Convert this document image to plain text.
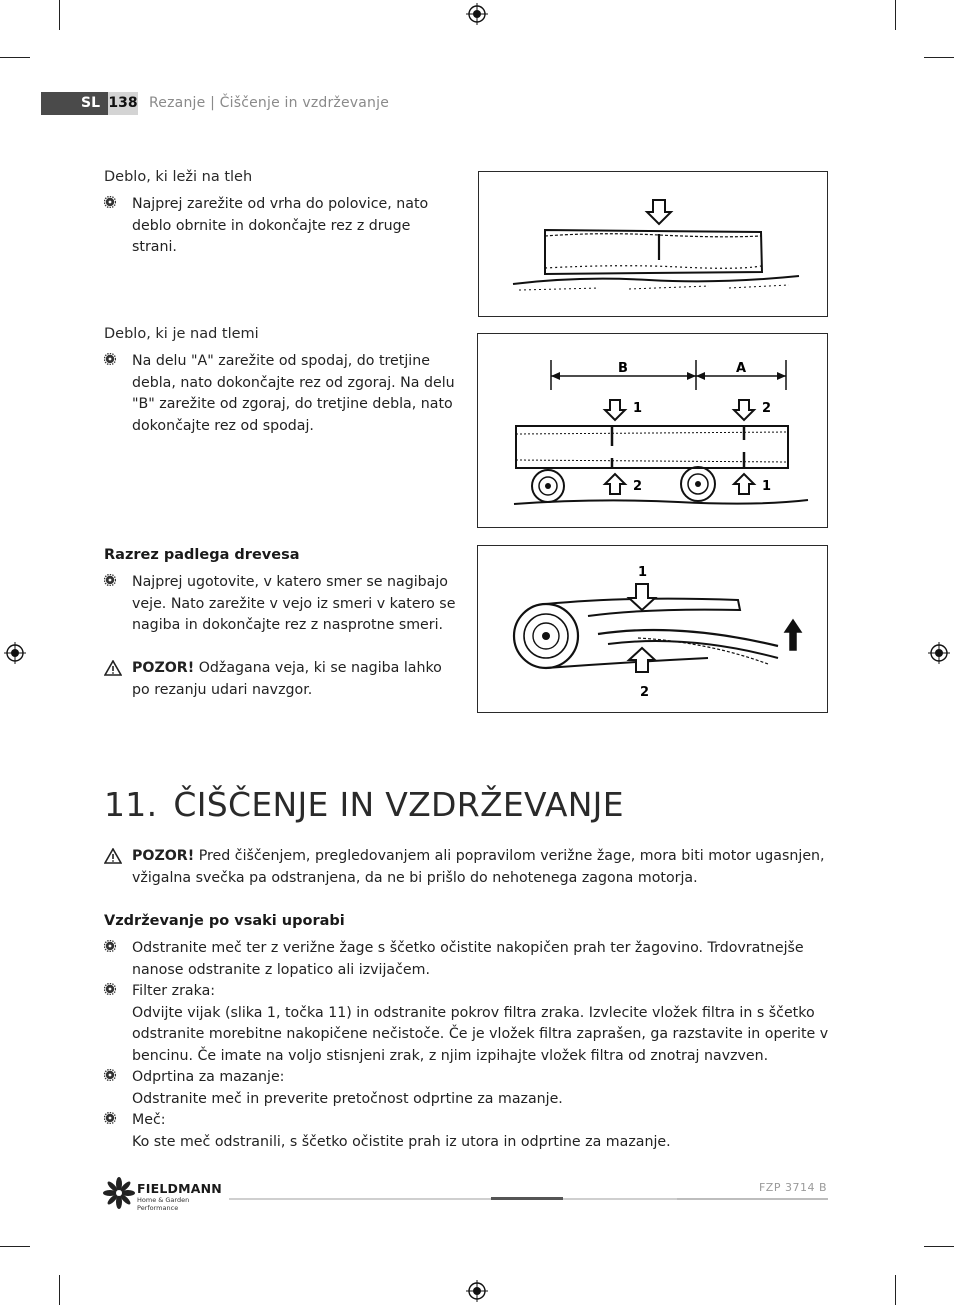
SL 138 Rezanje | Čiščenje in vzdrževanje
Deblo, ki leži na tleh
Najprej zarežite od vrha do polovice, nato deblo obrnite in dokončajte rez z druge strani.
Deblo, ki je nad tlemi
Na delu "A" zarežite od spodaj, do tretjine debla, nato dokončajte rez od zgoraj. Na delu "B" zarežite od zgoraj, do tretjine debla, nato dokončajte rez od spodaj.
B	A
1	2
2	1
Razrez padlega drevesa
Najprej ugotovite, v katero smer se nagibajo veje. Nato zarežite v vejo iz smeri v katero se nagiba in dokončajte rez z nasprotne smeri.
POZOR! Odžagana veja, ki se nagiba lahko po rezanju udari navzgor.
1
2
11. ČIŠČENJE IN VZDRŽEVANJE
POZOR! Pred čiščenjem, pregledovanjem ali popravilom verižne žage, mora biti motor ugasnjen, vžigalna svečka pa odstranjena, da ne bi prišlo do nehotenega zagona motorja.
Vzdrževanje po vsaki uporabi
Odstranite meč ter z verižne žage s ščetko očistite nakopičen prah ter žagovino. Trdovratnejše nanose odstranite z lopatico ali izvijačem.
Filter zraka:
Odvijte vijak (slika 1, točka 11) in odstranite pokrov filtra zraka. Izvlecite vložek filtra in s ščetko odstranite morebitne nakopičene nečistoče. Če je vložek filtra zaprašen, ga razstavite in operite v bencinu. Če imate na voljo stisnjeni zrak, z njim izpihajte vložek filtra od znotraj navzven.
Odprtina za mazanje:
Odstranite meč in preverite pretočnost odprtine za mazanje.
Meč:
Ko ste meč odstranili, s ščetko očistite prah iz utora in odprtine za mazanje.
FIELDMANN
Home & Garden Performance
FZP 3714 B
